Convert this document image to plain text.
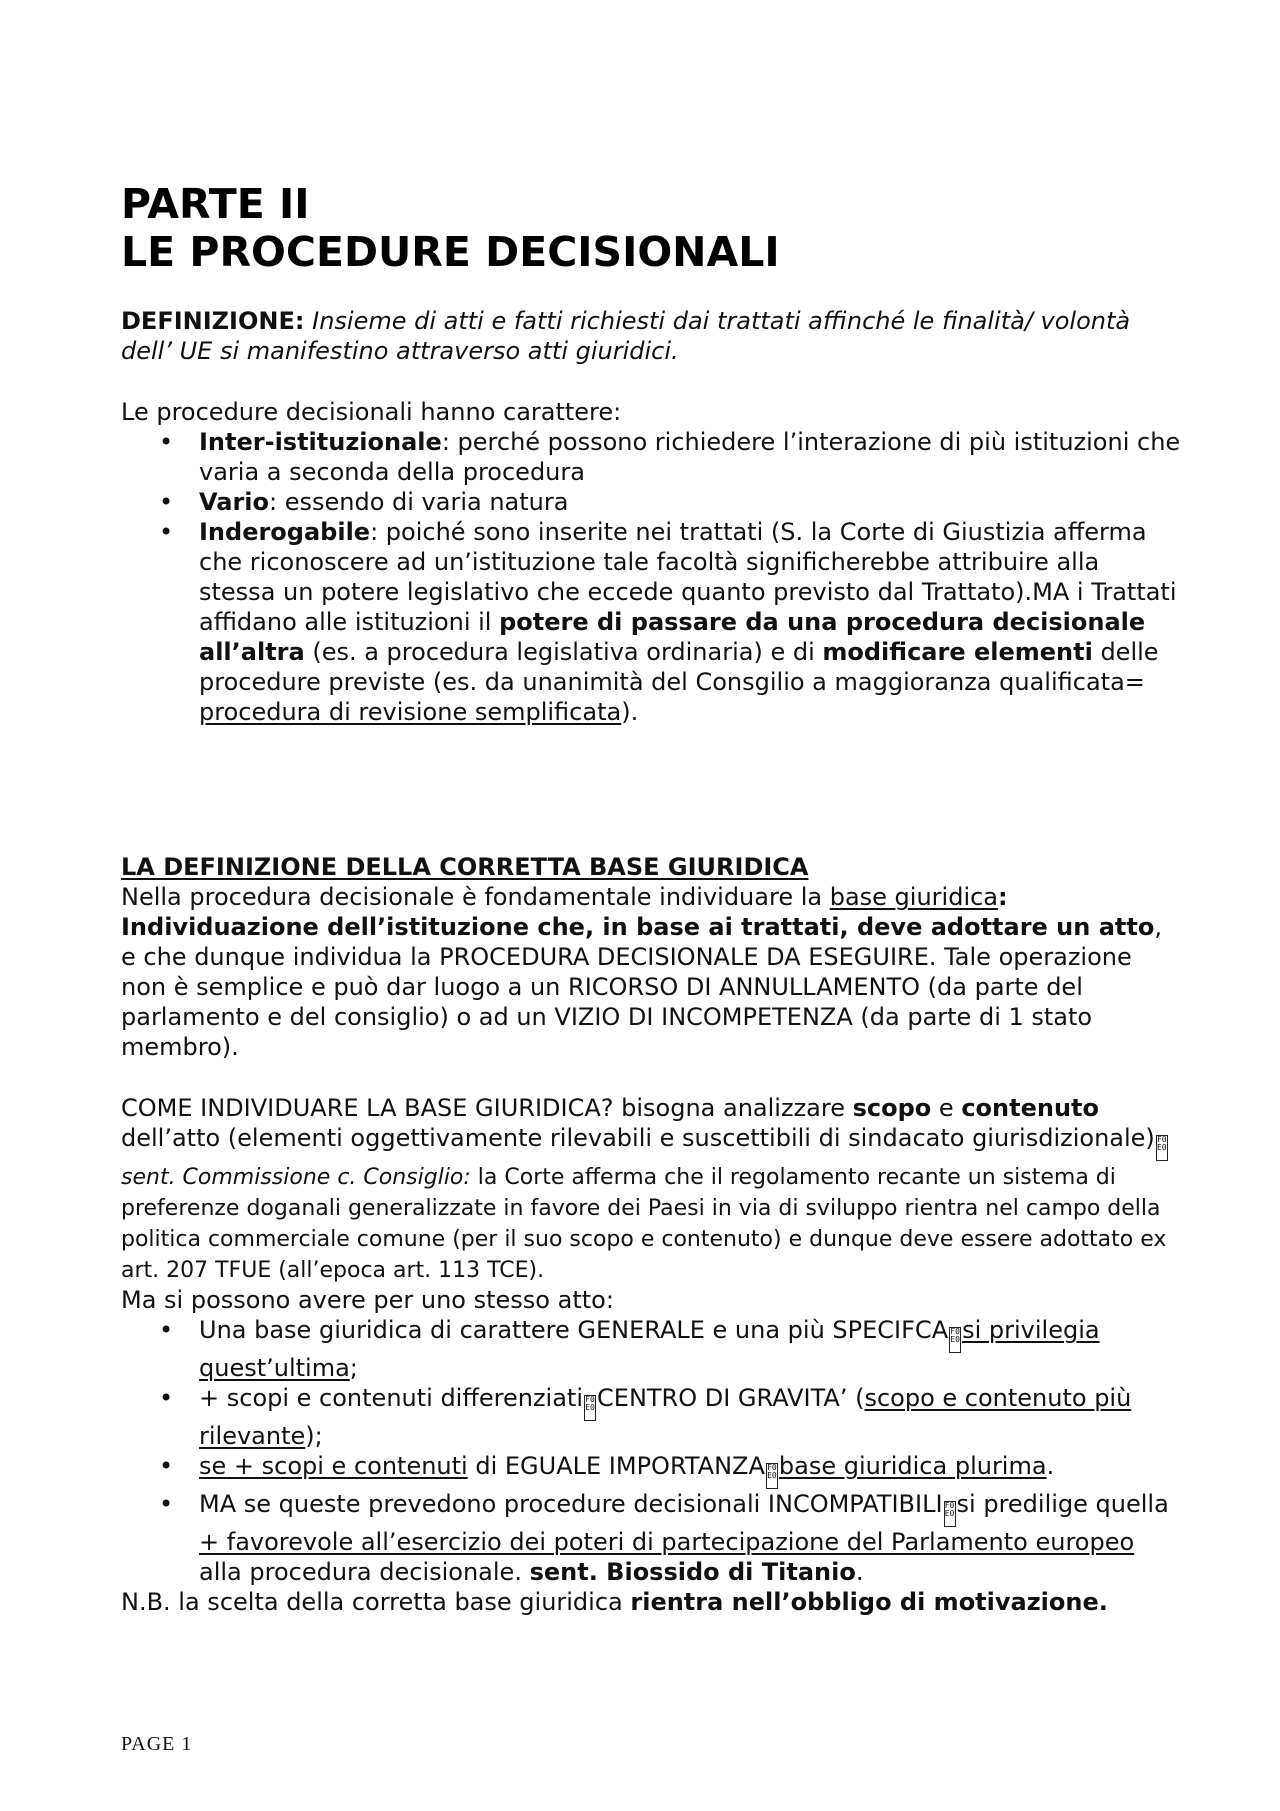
PARTE II
LE PROCEDURE DECISIONALI

DEFINIZIONE: Insieme di atti e fatti richiesti dai trattati affinché le finalità/ volontà dell’ UE si manifestino attraverso atti giuridici.

Le procedure decisionali hanno carattere:

• Inter-istituzionale: perché possono richiedere l’interazione di più istituzioni che varia a seconda della procedura
• Vario: essendo di varia natura
• Inderogabile: poiché sono inserite nei trattati (S. la Corte di Giustizia afferma che riconoscere ad un’istituzione tale facoltà significherebbe attribuire alla stessa un potere legislativo che eccede quanto previsto dal Trattato).MA i Trattati affidano alle istituzioni il potere di passare da una procedura decisionale all’altra (es. a procedura legislativa ordinaria) e di modificare elementi delle procedure previste (es. da unanimità del Consgilio a maggioranza qualificata= procedura di revisione semplificata).

LA DEFINIZIONE DELLA CORRETTA BASE GIURIDICA

Nella procedura decisionale è fondamentale individuare la base giuridica: Individuazione dell’istituzione che, in base ai trattati, deve adottare un atto, e che dunque individua la PROCEDURA DECISIONALE DA ESEGUIRE. Tale operazione non è semplice e può dar luogo a un RICORSO DI ANNULLAMENTO (da parte del parlamento e del consiglio) o ad un VIZIO DI INCOMPETENZA (da parte di 1 stato membro).

COME INDIVIDUARE LA BASE GIURIDICA? bisogna analizzare scopo e contenuto dell’atto (elementi oggettivamente rilevabili e suscettibili di sindacato giurisdizionale) F0 E0sent. Commissione c. Consiglio: la Corte afferma che il regolamento recante un sistema di preferenze doganali generalizzate in favore dei Paesi in via di sviluppo rientra nel campo della politica commerciale comune (per il suo scopo e contenuto) e dunque deve essere adottato ex art. 207 TFUE (all’epoca art. 113 TCE).

Ma si possono avere per uno stesso atto:

• Una base giuridica di carattere GENERALE e una più SPECIFCA F0 E0si privilegia quest’ultima;
• + scopi e contenuti differenziati F0 E0CENTRO DI GRAVITA’ (scopo e contenuto più rilevante);
• se + scopi e contenuti di EGUALE IMPORTANZA F0 E0base giuridica plurima.
• MA se queste prevedono procedure decisionali INCOMPATIBILI F0 E0si predilige quella + favorevole all’esercizio dei poteri di partecipazione del Parlamento europeo alla procedura decisionale. sent. Biossido di Titanio.

N.B. la scelta della corretta base giuridica rientra nell’obbligo di motivazione.

PAGE 1
